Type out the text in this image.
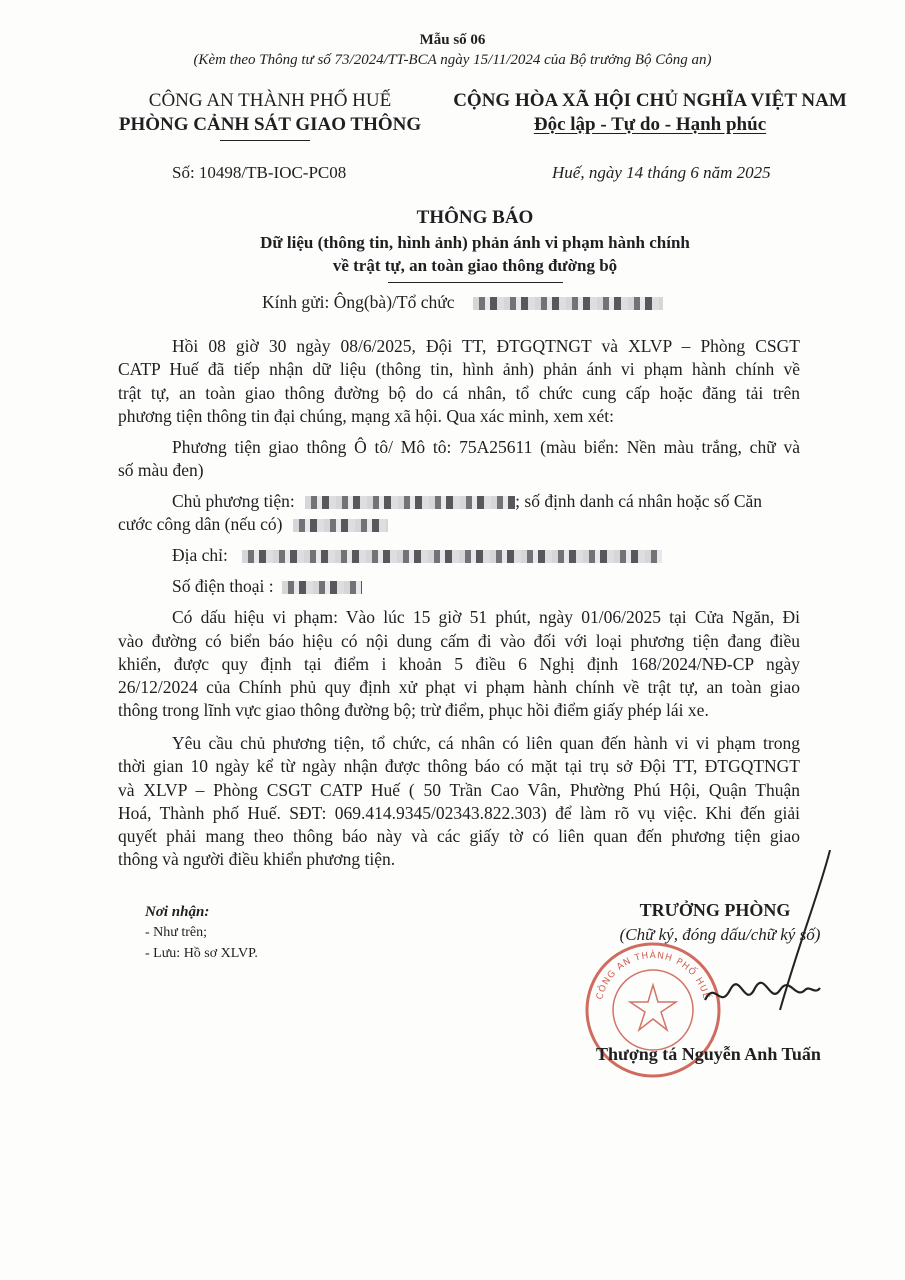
Mẫu số 06
(Kèm theo Thông tư số 73/2024/TT-BCA ngày 15/11/2024 của Bộ trưởng Bộ Công an)
CÔNG AN THÀNH PHỐ HUẾ
PHÒNG CẢNH SÁT GIAO THÔNG
CỘNG HÒA XÃ HỘI CHỦ NGHĨA VIỆT NAM
Độc lập - Tự do - Hạnh phúc
Số: 10498/TB-IOC-PC08	Huế, ngày 14 tháng 6 năm 2025
THÔNG BÁO
Dữ liệu (thông tin, hình ảnh) phản ánh vi phạm hành chính
về trật tự, an toàn giao thông đường bộ
Kính gửi: Ông(bà)/Tổ chức
Hồi 08 giờ 30 ngày 08/6/2025, Đội TT, ĐTGQTNGT và XLVP – Phòng CSGT
CATP Huế đã tiếp nhận dữ liệu (thông tin, hình ảnh) phản ánh vi phạm hành chính về
trật tự, an toàn giao thông đường bộ do cá nhân, tổ chức cung cấp hoặc đăng tải trên
phương tiện thông tin đại chúng, mạng xã hội. Qua xác minh, xem xét:
Phương tiện giao thông Ô tô/ Mô tô: 75A25611 (màu biển: Nền màu trắng, chữ và
số màu đen)
Chủ phương tiện:	; số định danh cá nhân hoặc số Căn
cước công dân (nếu có)
Địa chỉ:
Số điện thoại :
Có dấu hiệu vi phạm: Vào lúc 15 giờ 51 phút, ngày 01/06/2025 tại Cửa Ngăn, Đi
vào đường có biển báo hiệu có nội dung cấm đi vào đối với loại phương tiện đang điều
khiển, được quy định tại điểm i khoản 5 điều 6 Nghị định 168/2024/NĐ-CP ngày
26/12/2024 của Chính phủ quy định xử phạt vi phạm hành chính về trật tự, an toàn giao
thông trong lĩnh vực giao thông đường bộ; trừ điểm, phục hồi điểm giấy phép lái xe.
Yêu cầu chủ phương tiện, tổ chức, cá nhân có liên quan đến hành vi vi phạm trong
thời gian 10 ngày kể từ ngày nhận được thông báo có mặt tại trụ sở Đội TT, ĐTGQTNGT
và XLVP – Phòng CSGT CATP Huế ( 50 Trần Cao Vân, Phường Phú Hội, Quận Thuận
Hoá, Thành phố Huế. SĐT: 069.414.9345/02343.822.303) để làm rõ vụ việc. Khi đến giải
quyết phải mang theo thông báo này và các giấy tờ có liên quan đến phương tiện giao
thông và người điều khiển phương tiện.
Nơi nhận:
- Như trên;
- Lưu: Hồ sơ XLVP.
TRƯỞNG PHÒNG
(Chữ ký, đóng dấu/chữ ký số)
CÔNG AN THÀNH PHỐ HUẾ
Thượng tá Nguyễn Anh Tuấn
